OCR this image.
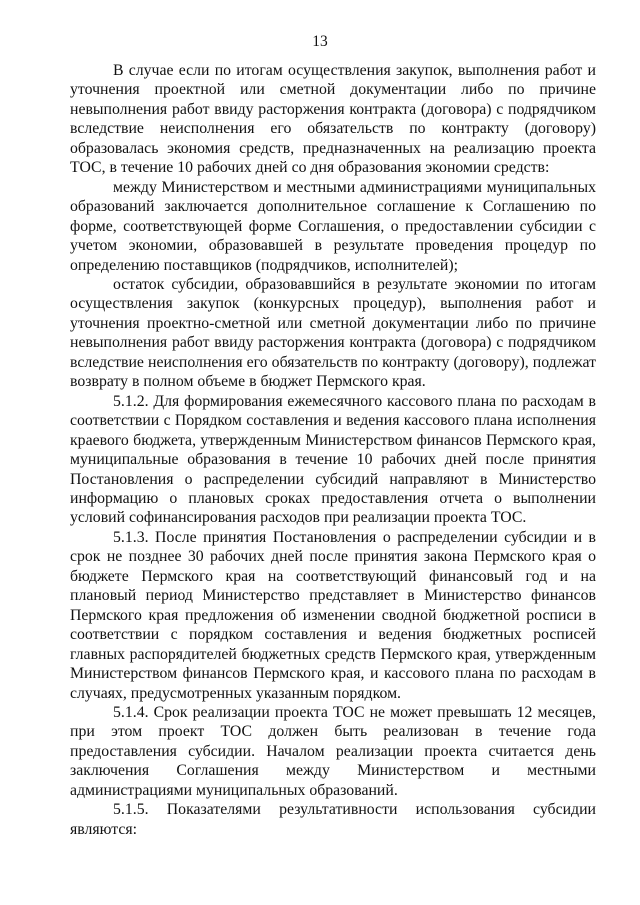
13

В случае если по итогам осуществления закупок, выполнения работ и уточнения проектной или сметной документации либо по причине невыполнения работ ввиду расторжения контракта (договора) с подрядчиком вследствие неисполнения его обязательств по контракту (договору) образовалась экономия средств, предназначенных на реализацию проекта ТОС, в течение 10 рабочих дней со дня образования экономии средств:

между Министерством и местными администрациями муниципальных образований заключается дополнительное соглашение к Соглашению по форме, соответствующей форме Соглашения, о предоставлении субсидии с учетом экономии, образовавшей в результате проведения процедур по определению поставщиков (подрядчиков, исполнителей);

остаток субсидии, образовавшийся в результате экономии по итогам осуществления закупок (конкурсных процедур), выполнения работ и уточнения проектно-сметной или сметной документации либо по причине невыполнения работ ввиду расторжения контракта (договора) с подрядчиком вследствие неисполнения его обязательств по контракту (договору), подлежат возврату в полном объеме в бюджет Пермского края.

5.1.2. Для формирования ежемесячного кассового плана по расходам в соответствии с Порядком составления и ведения кассового плана исполнения краевого бюджета, утвержденным Министерством финансов Пермского края, муниципальные образования в течение 10 рабочих дней после принятия Постановления о распределении субсидий направляют в Министерство информацию о плановых сроках предоставления отчета о выполнении условий софинансирования расходов при реализации проекта ТОС.

5.1.3. После принятия Постановления о распределении субсидии и в срок не позднее 30 рабочих дней после принятия закона Пермского края о бюджете Пермского края на соответствующий финансовый год и на плановый период Министерство представляет в Министерство финансов Пермского края предложения об изменении сводной бюджетной росписи в соответствии с порядком составления и ведения бюджетных росписей главных распорядителей бюджетных средств Пермского края, утвержденным Министерством финансов Пермского края, и кассового плана по расходам в случаях, предусмотренных указанным порядком.

5.1.4. Срок реализации проекта ТОС не может превышать 12 месяцев, при этом проект ТОС должен быть реализован в течение года предоставления субсидии. Началом реализации проекта считается день заключения Соглашения между Министерством и местными администрациями муниципальных образований.

5.1.5. Показателями результативности использования субсидии являются:
